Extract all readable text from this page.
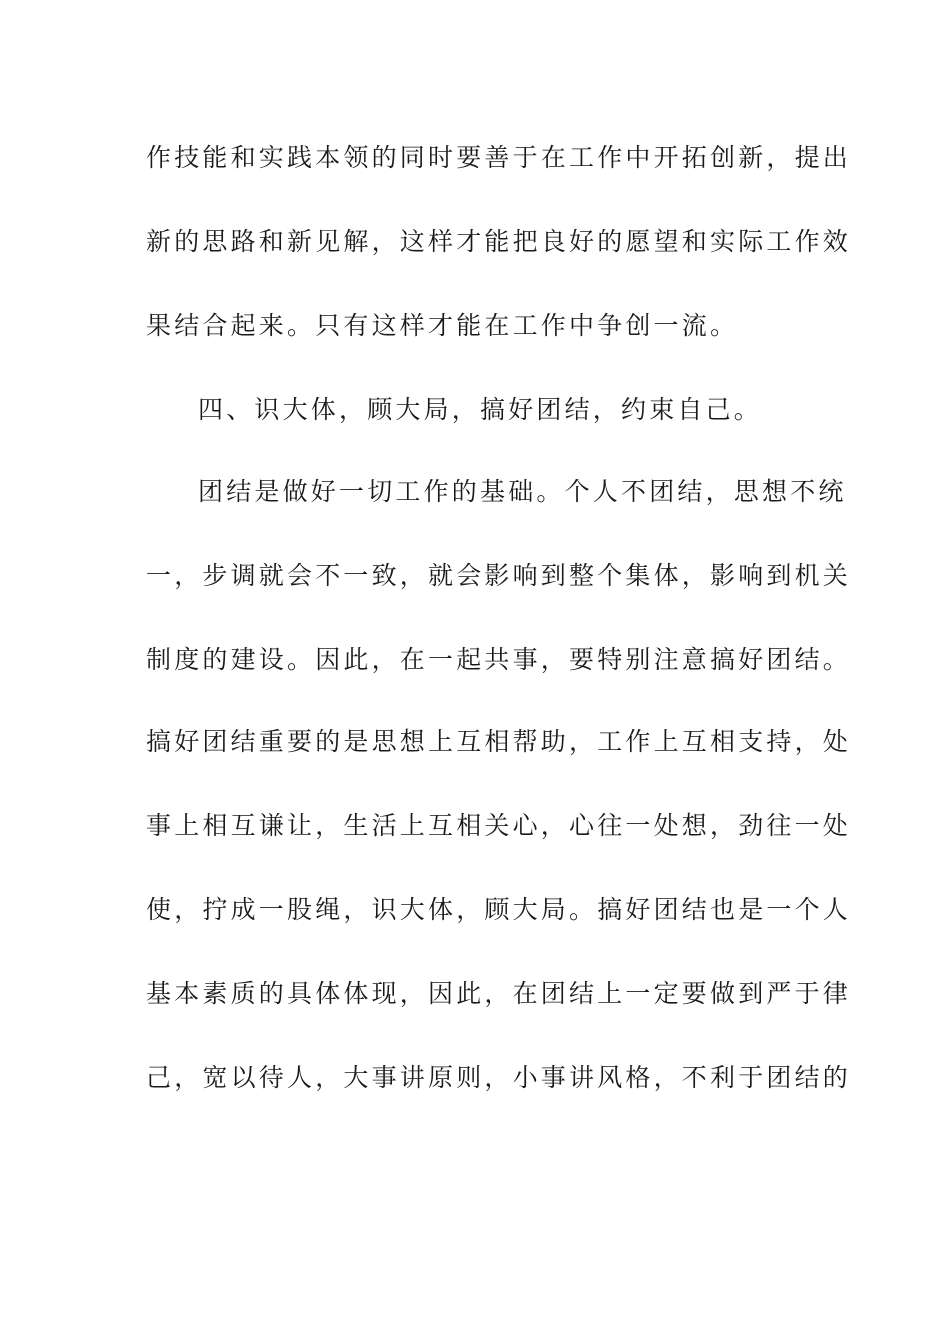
作技能和实践本领的同时要善于在工作中开拓创新，提出
新的思路和新见解，这样才能把良好的愿望和实际工作效
果结合起来。只有这样才能在工作中争创一流。
四、识大体，顾大局，搞好团结，约束自己。
团结是做好一切工作的基础。个人不团结，思想不统
一，步调就会不一致，就会影响到整个集体，影响到机关
制度的建设。因此，在一起共事，要特别注意搞好团结。
搞好团结重要的是思想上互相帮助，工作上互相支持，处
事上相互谦让，生活上互相关心，心往一处想，劲往一处
使，拧成一股绳，识大体，顾大局。搞好团结也是一个人
基本素质的具体体现，因此，在团结上一定要做到严于律
己，宽以待人，大事讲原则，小事讲风格，不利于团结的
